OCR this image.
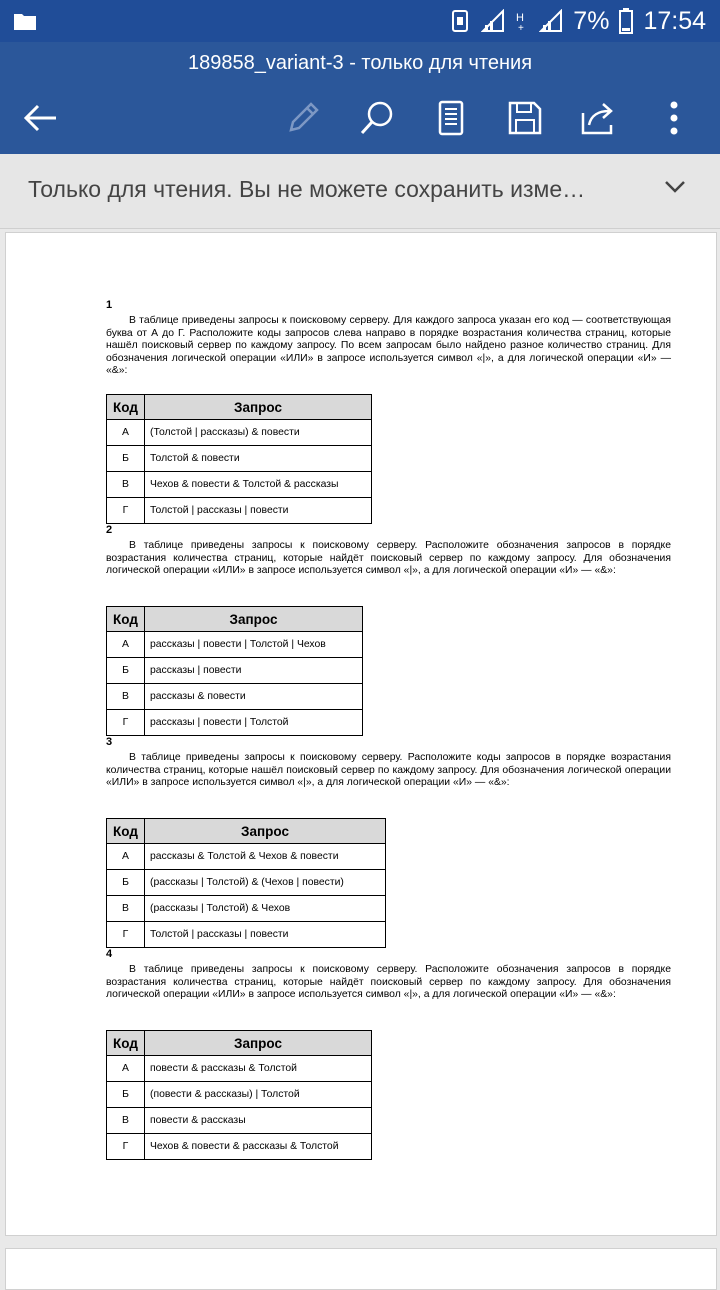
H
+ 7% 17:54
189858_variant-3 - только для чтения
Только для чтения. Вы не можете сохранить изме…
1
В таблице приведены запросы к поисковому серверу. Для каждого запроса указан его код — соответствующая буква от А до Г. Расположите коды запросов слева направо в порядке возрастания количества страниц, которые нашёл поисковый сервер по каждому запросу. По всем запросам было найдено разное количество страниц. Для обозначения логической операции «ИЛИ» в запросе используется символ «|», а для логической операции «И» — «&»:
Код	Запрос
А	(Толстой | рассказы) & повести
Б	Толстой & повести
В	Чехов & повести & Толстой & рассказы
Г	Толстой | рассказы | повести
2
В таблице приведены запросы к поисковому серверу. Расположите обозначения запросов в порядке возрастания количества страниц, которые найдёт поисковый сервер по каждому запросу. Для обозначения логической операции «ИЛИ» в запросе используется символ «|», а для логической операции «И» — «&»:
Код	Запрос
А	рассказы | повести | Толстой | Чехов
Б	рассказы | повести
В	рассказы & повести
Г	рассказы | повести | Толстой
3
В таблице приведены запросы к поисковому серверу. Расположите коды запросов в порядке возрастания количества страниц, которые нашёл поисковый сервер по каждому запросу. Для обозначения логической операции «ИЛИ» в запросе используется символ «|», а для логической операции «И» — «&»:
Код	Запрос
А	рассказы & Толстой & Чехов & повести
Б	(рассказы | Толстой) & (Чехов | повести)
В	(рассказы | Толстой) & Чехов
Г	Толстой | рассказы | повести
4
В таблице приведены запросы к поисковому серверу. Расположите обозначения запросов в порядке возрастания количества страниц, которые найдёт поисковый сервер по каждому запросу. Для обозначения логической операции «ИЛИ» в запросе используется символ «|», а для логической операции «И» — «&»:
Код	Запрос
А	повести & рассказы & Толстой
Б	(повести & рассказы) | Толстой
В	повести & рассказы
Г	Чехов & повести & рассказы & Толстой
